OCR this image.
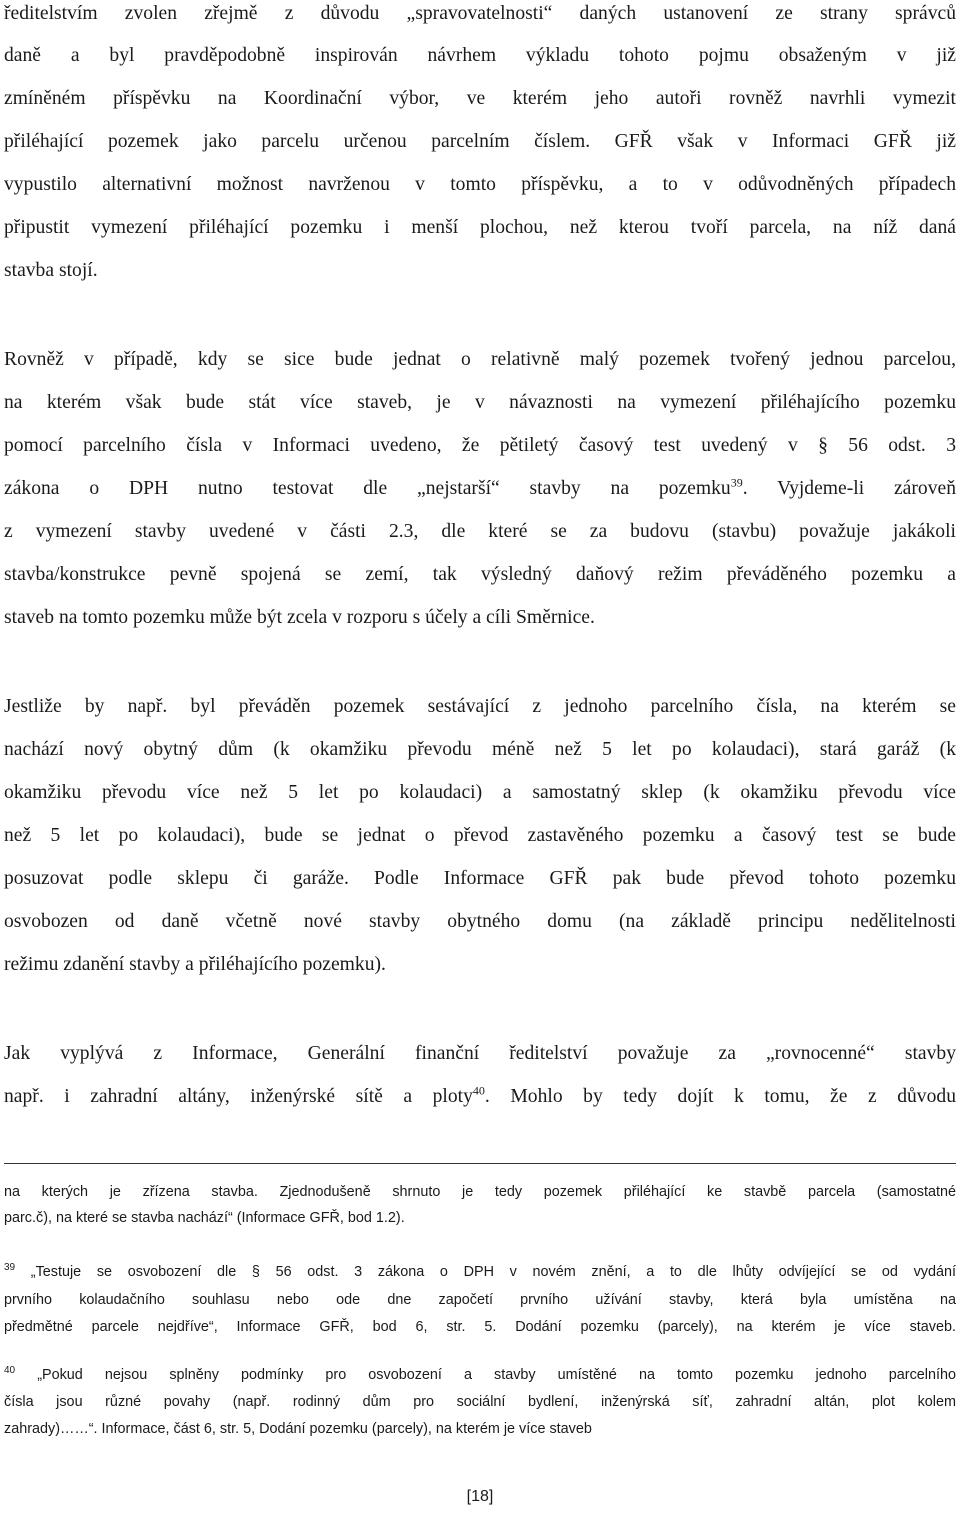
ředitelstvím zvolen zřejmě z důvodu „spravovatelnosti“ daných ustanovení ze strany správců

daně a byl pravděpodobně inspirován návrhem výkladu tohoto pojmu obsaženým v již

zmíněném příspěvku na Koordinační výbor, ve kterém jeho autoři rovněž navrhli vymezit

přiléhající pozemek jako parcelu určenou parcelním číslem. GFŘ však v Informaci GFŘ již

vypustilo alternativní možnost navrženou v tomto příspěvku, a to v odůvodněných případech

připustit vymezení přiléhající pozemku i menší plochou, než kterou tvoří parcela, na níž daná

stavba stojí.

Rovněž v případě, kdy se sice bude jednat o relativně malý pozemek tvořený jednou parcelou,

na kterém však bude stát více staveb, je v návaznosti na vymezení přiléhajícího pozemku

pomocí parcelního čísla v Informaci uvedeno, že pětiletý časový test uvedený v § 56 odst. 3

zákona o DPH nutno testovat dle „nejstarší“ stavby na pozemku$^{39}$. Vyjdeme-li zároveň

z vymezení stavby uvedené v části 2.3, dle které se za budovu (stavbu) považuje jakákoli

stavba/konstrukce pevně spojená se zemí, tak výsledný daňový režim převáděného pozemku a

staveb na tomto pozemku může být zcela v rozporu s účely a cíli Směrnice.

Jestliže by např. byl převáděn pozemek sestávající z jednoho parcelního čísla, na kterém se

nachází nový obytný dům (k okamžiku převodu méně než 5 let po kolaudaci), stará garáž (k

okamžiku převodu více než 5 let po kolaudaci) a samostatný sklep (k okamžiku převodu více

než 5 let po kolaudaci), bude se jednat o převod zastavěného pozemku a časový test se bude

posuzovat podle sklepu či garáže. Podle Informace GFŘ pak bude převod tohoto pozemku

osvobozen od daně včetně nové stavby obytného domu (na základě principu nedělitelnosti

režimu zdanění stavby a přiléhajícího pozemku).

Jak vyplývá z Informace, Generální finanční ředitelství považuje za „rovnocenné“ stavby

např. i zahradní altány, inženýrské sítě a ploty$^{40}$. Mohlo by tedy dojít k tomu, že z důvodu

na kterých je zřízena stavba. Zjednodušeně shrnuto je tedy pozemek přiléhající ke stavbě parcela (samostatné

parc.č), na které se stavba nachází“ (Informace GFŘ, bod 1.2).

$^{39}$ „Testuje se osvobození dle § 56 odst. 3 zákona o DPH v novém znění, a to dle lhůty odvíjející se od vydání

prvního kolaudačního souhlasu nebo ode dne započetí prvního užívání stavby, která byla umístěna na

předmětné parcele nejdříve“, Informace GFŘ, bod 6, str. 5. Dodání pozemku (parcely), na kterém je více staveb.

$^{40}$ „Pokud nejsou splněny podmínky pro osvobození a stavby umístěné na tomto pozemku jednoho parcelního

čísla jsou různé povahy (např. rodinný dům pro sociální bydlení, inženýrská síť, zahradní altán, plot kolem

zahrady)……“. Informace, část 6, str. 5, Dodání pozemku (parcely), na kterém je více staveb

[18]
